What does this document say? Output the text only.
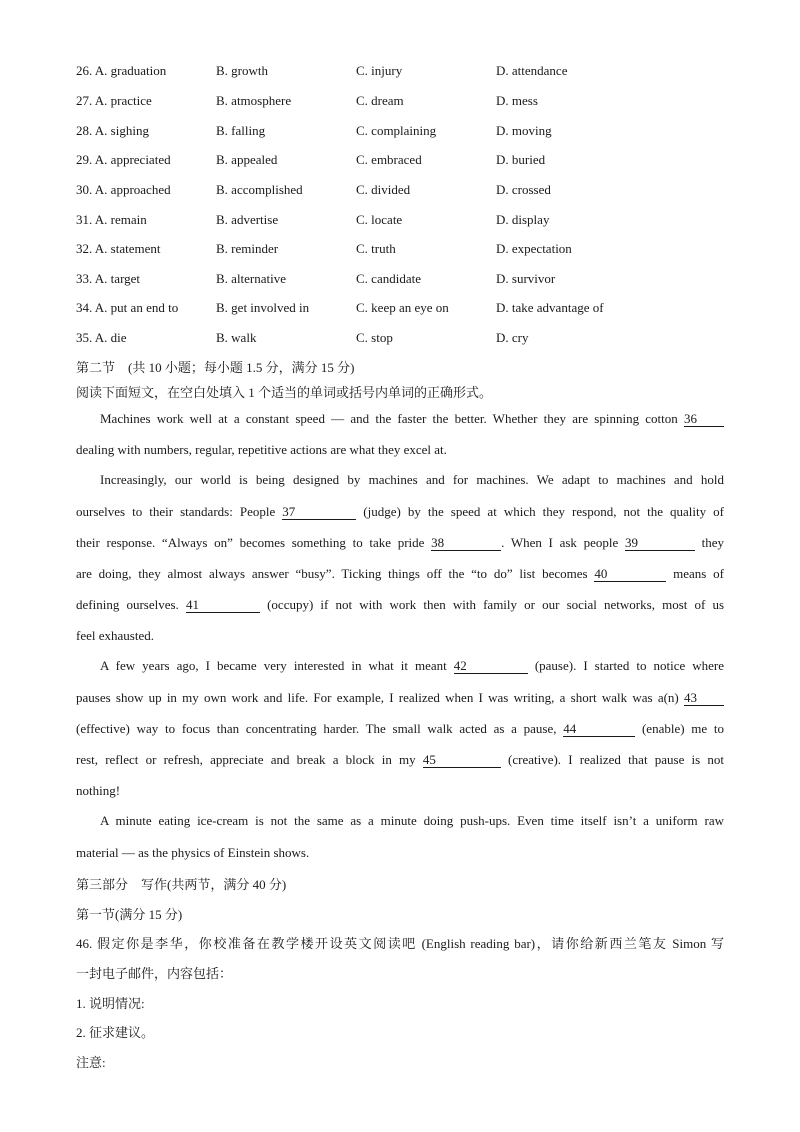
26. A. graduation	B. growth	C. injury	D. attendance
27. A. practice	B. atmosphere	C. dream	D. mess
28. A. sighing	B. falling	C. complaining	D. moving
29. A. appreciated	B. appealed	C. embraced	D. buried
30. A. approached	B. accomplished	C. divided	D. crossed
31. A. remain	B. advertise	C. locate	D. display
32. A. statement	B. reminder	C. truth	D. expectation
33. A. target	B. alternative	C. candidate	D. survivor
34. A. put an end to	B. get involved in	C. keep an eye on	D. take advantage of
35. A. die	B. walk	C. stop	D. cry
第二节　(共 10 小题；每小题 1.5 分，满分 15 分)
阅读下面短文，在空白处填入 1 个适当的单词或括号内单词的正确形式。
Machines work well at a constant speed — and the faster the better. Whether they are spinning cotton 36
dealing with numbers, regular, repetitive actions are what they excel at.
Increasingly, our world is being designed by machines and for machines. We adapt to machines and hold
ourselves to their standards: People 37	(judge) by the speed at which they respond, not the quality of
their response. “Always on” becomes something to take pride 38	. When I ask people 39	they
are doing, they almost always answer “busy”. Ticking things off the “to do” list becomes 40	means of
defining ourselves. 41	(occupy) if not with work then with family or our social networks, most of us
feel exhausted.
A few years ago, I became very interested in what it meant 42	(pause). I started to notice where
pauses show up in my own work and life. For example, I realized when I was writing, a short walk was a(n) 43
(effective) way to focus than concentrating harder. The small walk acted as a pause, 44	(enable) me to
rest, reflect or refresh, appreciate and break a block in my 45	(creative). I realized that pause is not
nothing!
A minute eating ice-cream is not the same as a minute doing push-ups. Even time itself isn’t a uniform raw
material — as the physics of Einstein shows.
第三部分　写作(共两节，满分 40 分)
第一节(满分 15 分)
46. 假定你是李华，你校准备在教学楼开设英文阅读吧 (English reading bar)，请你给新西兰笔友 Simon 写
一封电子邮件，内容包括：
1. 说明情况:
2. 征求建议。
注意:
